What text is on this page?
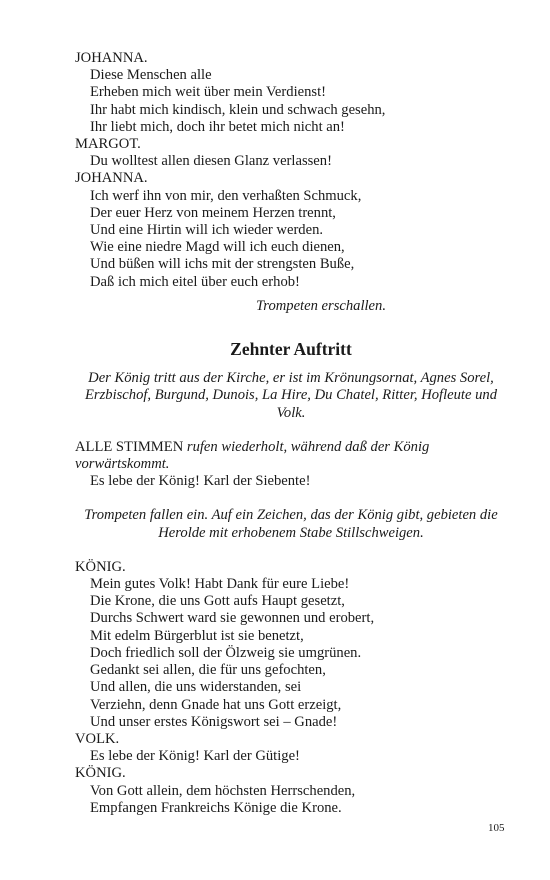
JOHANNA.
Diese Menschen alle
Erheben mich weit über mein Verdienst!
Ihr habt mich kindisch, klein und schwach gesehn,
Ihr liebt mich, doch ihr betet mich nicht an!
MARGOT.
Du wolltest allen diesen Glanz verlassen!
JOHANNA.
Ich werf ihn von mir, den verhaßten Schmuck,
Der euer Herz von meinem Herzen trennt,
Und eine Hirtin will ich wieder werden.
Wie eine niedre Magd will ich euch dienen,
Und büßen will ichs mit der strengsten Buße,
Daß ich mich eitel über euch erhob!
Trompeten erschallen.
Zehnter Auftritt
Der König tritt aus der Kirche, er ist im Krönungsornat, Agnes Sorel, Erzbischof, Burgund, Dunois, La Hire, Du Chatel, Ritter, Hofleute und Volk.
ALLE STIMMEN rufen wiederholt, während daß der König vorwärtskommt.
Es lebe der König! Karl der Siebente!
Trompeten fallen ein. Auf ein Zeichen, das der König gibt, gebieten die Herolde mit erhobenem Stabe Stillschweigen.
KÖNIG.
Mein gutes Volk! Habt Dank für eure Liebe!
Die Krone, die uns Gott aufs Haupt gesetzt,
Durchs Schwert ward sie gewonnen und erobert,
Mit edelm Bürgerblut ist sie benetzt,
Doch friedlich soll der Ölzweig sie umgrünen.
Gedankt sei allen, die für uns gefochten,
Und allen, die uns widerstanden, sei
Verziehn, denn Gnade hat uns Gott erzeigt,
Und unser erstes Königswort sei – Gnade!
VOLK.
Es lebe der König! Karl der Gütige!
KÖNIG.
Von Gott allein, dem höchsten Herrschenden,
Empfangen Frankreichs Könige die Krone.
105
